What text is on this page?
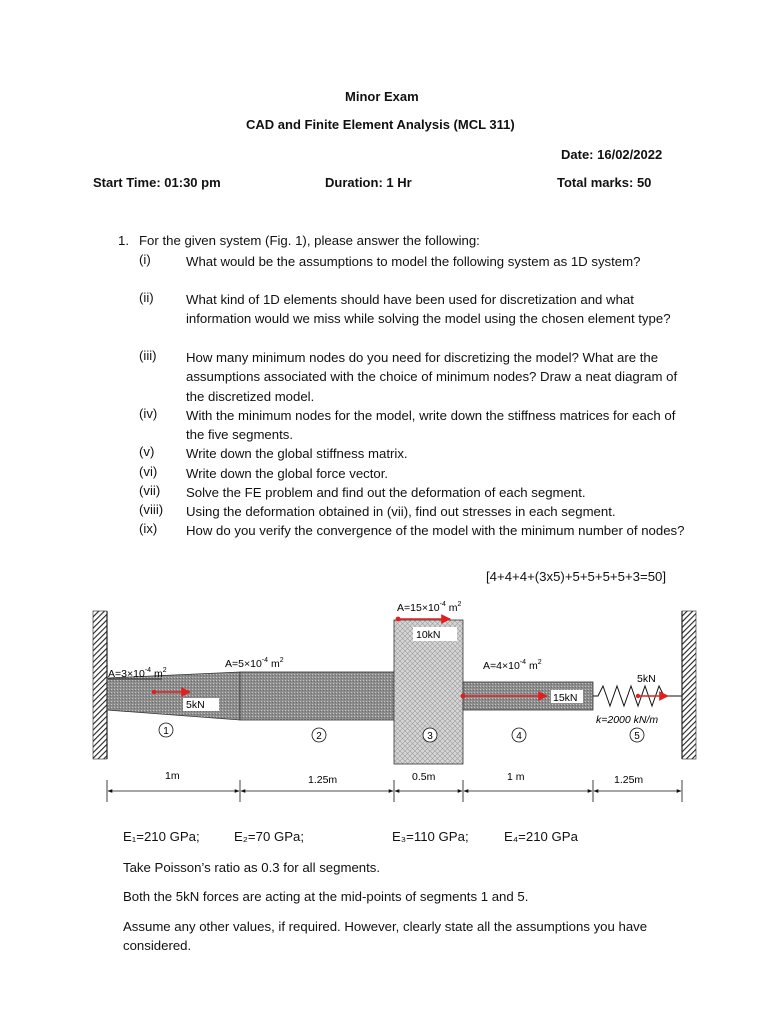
Minor Exam
CAD and Finite Element Analysis (MCL 311)
Date: 16/02/2022
Start Time: 01:30 pm	Duration: 1 Hr	Total marks: 50
1. For the given system (Fig. 1), please answer the following:
(i)	What would be the assumptions to model the following system as 1D system?
(ii) What kind of 1D elements should have been used for discretization and what information would we miss while solving the model using the chosen element type?
(iii) How many minimum nodes do you need for discretizing the model? What are the assumptions associated with the choice of minimum nodes? Draw a neat diagram of the discretized model.
(iv) With the minimum nodes for the model, write down the stiffness matrices for each of the five segments.
(v) Write down the global stiffness matrix.
(vi) Write down the global force vector.
(vii) Solve the FE problem and find out the deformation of each segment.
(viii) Using the deformation obtained in (vii), find out stresses in each segment.
(ix) How do you verify the convergence of the model with the minimum number of nodes?
[4+4+4+(3x5)+5+5+5+5+3=50]
$A=3\times 10^{-4}$ $m^2$
$A=5\times 10^{-4}$ $m^2$
$A=15\times 10^{-4}$ $m^2$
$A=4\times 10^{-4}$ $m^2$
5kN
10kN
15kN
5kN
k=2000 kN/m
1	2	3	4	5
1m	1.25m	0.5m	1 m	1.25m
E₁=210 GPa;	E₂=70 GPa;	E₃=110 GPa;	E₄=210 GPa
Take Poisson’s ratio as 0.3 for all segments.
Both the 5kN forces are acting at the mid-points of segments 1 and 5.
Assume any other values, if required. However, clearly state all the assumptions you have considered.
